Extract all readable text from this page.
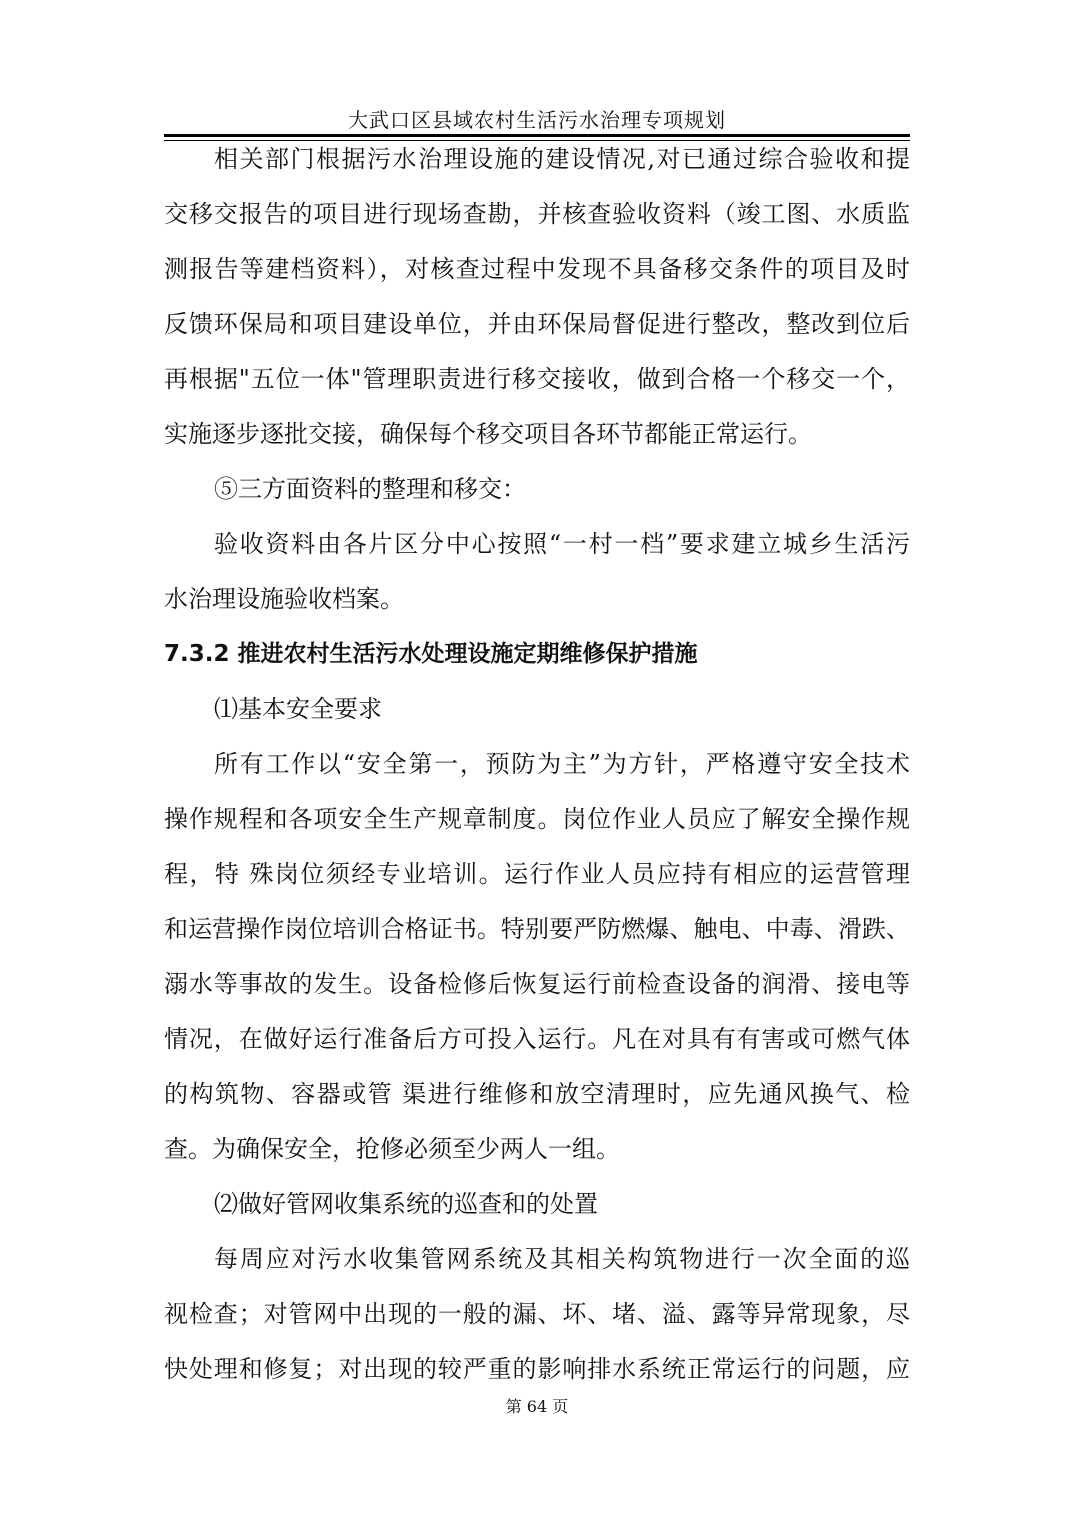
大武口区县域农村生活污水治理专项规划
相关部门根据污水治理设施的建设情况,对已通过综合验收和提
交移交报告的项目进行现场查勘，并核查验收资料（竣工图、水质监
测报告等建档资料），对核查过程中发现不具备移交条件的项目及时
反馈环保局和项目建设单位，并由环保局督促进行整改，整改到位后
再根据"五位一体"管理职责进行移交接收，做到合格一个移交一个，
实施逐步逐批交接，确保每个移交项目各环节都能正常运行。
⑤三方面资料的整理和移交：
验收资料由各片区分中心按照“一村一档”要求建立城乡生活污
水治理设施验收档案。
7.3.2 推进农村生活污水处理设施定期维修保护措施
⑴基本安全要求
所有工作以“安全第一，预防为主”为方针，严格遵守安全技术
操作规程和各项安全生产规章制度。岗位作业人员应了解安全操作规
程，特 殊岗位须经专业培训。运行作业人员应持有相应的运营管理
和运营操作岗位培训合格证书。特别要严防燃爆、触电、中毒、滑跌、
溺水等事故的发生。设备检修后恢复运行前检查设备的润滑、接电等
情况，在做好运行准备后方可投入运行。凡在对具有有害或可燃气体
的构筑物、容器或管 渠进行维修和放空清理时，应先通风换气、检
查。为确保安全，抢修必须至少两人一组。
⑵做好管网收集系统的巡查和的处置
每周应对污水收集管网系统及其相关构筑物进行一次全面的巡
视检查；对管网中出现的一般的漏、坏、堵、溢、露等异常现象，尽
快处理和修复；对出现的较严重的影响排水系统正常运行的问题，应
第 64 页
